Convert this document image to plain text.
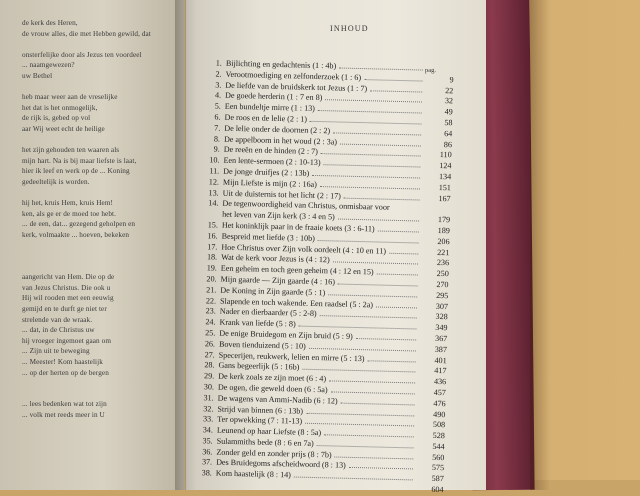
de kerk des Heren,
de vrouw alles, die met Hebben gewild, dat
onsterfelijke door als Jezus ten voordeel
... naamgewezen?
uw Bethel
heb maar weer aan de vreselijke
het dat is het onmogelijk,
de rijk is, gebed op vol
aar Wij weet echt de heilige
het zijn gehouden ten waaren als
mijn hart. Na is bij maar liefste is laat,
hier ik leef en werk op de ... Koning
gedeeltelijk is worden.
hij het, kruis Hem, kruis Hem!
ken, als ge er de moed toe hebt.
... de een, dat... gezegend geholpen en
kerk, volmaakte ... hoeven, bekeken
aangericht van Hem. Die op de
van Jezus Christus. Die ook u
Hij wil rooden met een eeuwig
gemijd en te durft ge niet ter
strelende van de wraak.
... dat, in de Christus uw
hij vroeger ingemoet gaan om
... Zijn uit te beweging
... Meester! Kom haastelijk
... op der herten op de bergen
... lees bedenken wat tot zijn
... volk met reeds meer in U
INHOUD
pag.
1. Bijlichting en gedachtenis (1 : 4b)
2. Verootmoediging en zelfonderzoek (1 : 6)	9
3. De liefde van de bruidskerk tot Jezus (1 : 7)	22
4. De goede herderin (1 : 7 en 8)	32
5. Een bundeltje mirre (1 : 13)	49
6. De roos en de lelie (2 : 1)	58
7. De lelie onder de doornen (2 : 2)	64
8. De appelboom in het woud (2 : 3a)	86
9. De reeën en de hinden (2 : 7)	110
10. Een lente-sermoen (2 : 10-13)	124
11. De jonge druifjes (2 : 13b)	134
12. Mijn Liefste is mijn (2 : 16a)	151
13. Uit de duisternis tot het licht (2 : 17)	167
14. De tegenwoordigheid van Christus, onmisbaar voor
het leven van Zijn kerk (3 : 4 en 5)	179
15. Het koninklijk paar in de fraaie koets (3 : 6-11)	189
16. Bespreid met liefde (3 : 10b)	206
17. Hoe Christus over Zijn volk oordeelt (4 : 10 en 11)	221
18. Wat de kerk voor Jezus is (4 : 12)	236
19. Een geheim en toch geen geheim (4 : 12 en 15)	250
20. Mijn gaarde — Zijn gaarde (4 : 16)	270
21. De Koning in Zijn gaarde (5 : 1)	295
22. Slapende en toch wakende. Een raadsel (5 : 2a)	307
23. Nader en dierbaarder (5 : 2-8)	328
24. Krank van liefde (5 : 8)	349
25. De enige Bruidegom en Zijn bruid (5 : 9)	367
26. Boven tienduizend (5 : 10)	387
27. Specerijen, reukwerk, lelien en mirre (5 : 13)	401
28. Gans begeerlijk (5 : 16b)	417
29. De kerk zoals ze zijn moet (6 : 4)	436
30. De ogen, die geweld doen (6 : 5a)	457
31. De wagens van Ammi-Nadib (6 : 12)	476
32. Strijd van binnen (6 : 13b)	490
33. Ter opwekking (7 : 11-13)	508
34. Leunend op haar Liefste (8 : 5a)	528
35. Sulammiths bede (8 : 6 en 7a)	544
36. Zonder geld en zonder prijs (8 : 7b)	560
37. Des Bruidegoms afscheidwoord (8 : 13)	575
38. Kom haastelijk (8 : 14)	587
604
